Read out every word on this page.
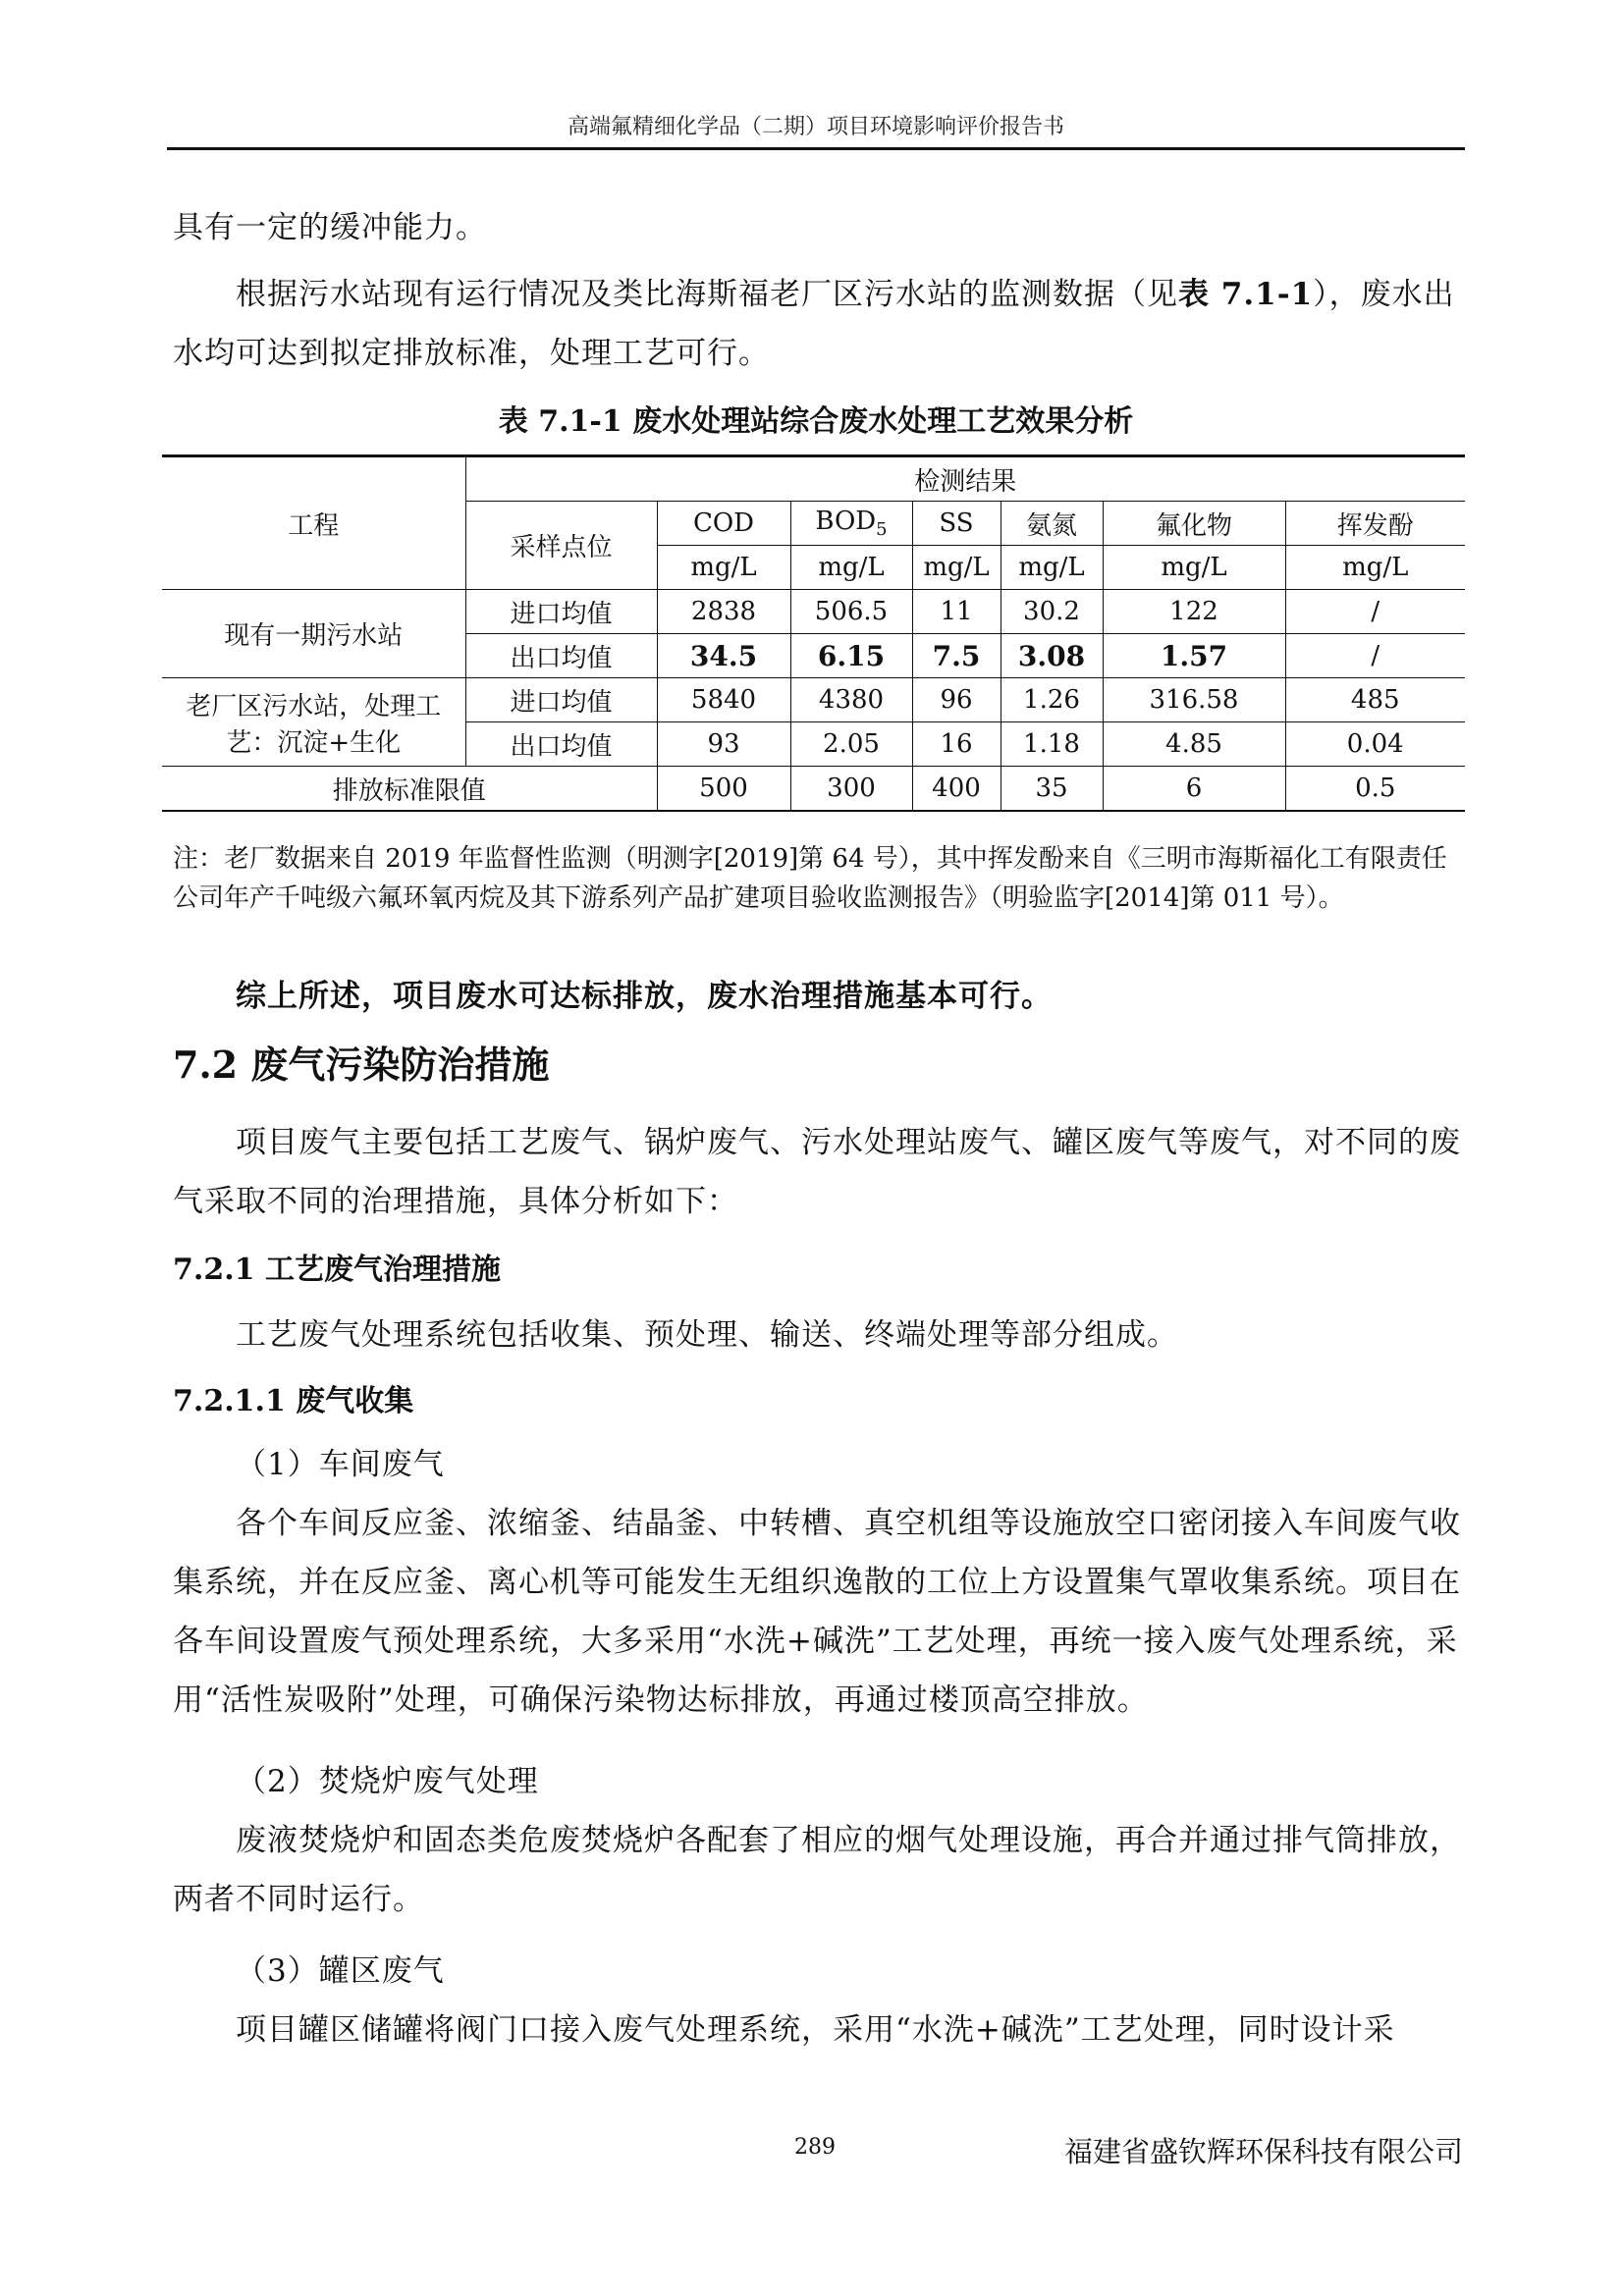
高端氟精细化学品（二期）项目环境影响评价报告书

具有一定的缓冲能力。

根据污水站现有运行情况及类比海斯福老厂区污水站的监测数据（见表 7.1-1），废水出水均可达到拟定排放标准，处理工艺可行。

表 7.1-1 废水处理站综合废水处理工艺效果分析
工程	检测结果						
	采样点位	COD	$BOD_5$	SS	氨氮	氟化物	挥发酚
		mg/L	mg/L	mg/L	mg/L	mg/L	mg/L
现有一期污水站	进口均值	2838	506.5	11	30.2	122	/
	出口均值	34.5	6.15	7.5	3.08	1.57	/

老厂区污水站，处理工
艺：沉淀+生化	进口均值	5840	4380	96	1.26	316.58	485
	出口均值	93	2.05	16	1.18	4.85	0.04
排放标准限值		500	300	400	35	6	0.5

注：老厂数据来自 2019 年监督性监测（明测字[2019]第 64 号），其中挥发酚来自《三明市海斯福化工有限责任公司年产千吨级六氟环氧丙烷及其下游系列产品扩建项目验收监测报告》（明验监字[2014]第 011 号）。

综上所述，项目废水可达标排放，废水治理措施基本可行。

7.2 废气污染防治措施

项目废气主要包括工艺废气、锅炉废气、污水处理站废气、罐区废气等废气，对不同的废气采取不同的治理措施，具体分析如下：

7.2.1 工艺废气治理措施

工艺废气处理系统包括收集、预处理、输送、终端处理等部分组成。

7.2.1.1 废气收集

（1）车间废气

各个车间反应釜、浓缩釜、结晶釜、中转槽、真空机组等设施放空口密闭接入车间废气收集系统，并在反应釜、离心机等可能发生无组织逸散的工位上方设置集气罩收集系统。项目在各车间设置废气预处理系统，大多采用“水洗+碱洗”工艺处理，再统一接入废气处理系统，采用“活性炭吸附”处理，可确保污染物达标排放，再通过楼顶高空排放。

（2）焚烧炉废气处理

废液焚烧炉和固态类危废焚烧炉各配套了相应的烟气处理设施，再合并通过排气筒排放，两者不同时运行。

（3）罐区废气

项目罐区储罐将阀门口接入废气处理系统，采用“水洗+碱洗”工艺处理，同时设计采

289	福建省盛钦辉环保科技有限公司
